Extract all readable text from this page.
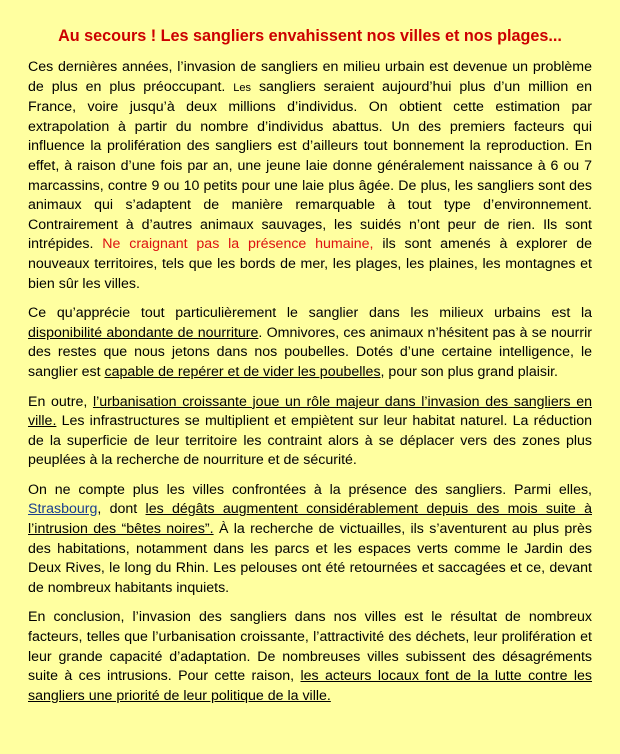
Au secours ! Les sangliers envahissent nos villes et nos plages...

Ces dernières années, l’invasion de sangliers en milieu urbain est devenue un problème de plus en plus préoccupant. Les sangliers seraient aujourd’hui plus d’un million en France, voire jusqu’à deux millions d’individus. On obtient cette estimation par extrapolation à partir du nombre d’individus abattus. Un des premiers facteurs qui influence la prolifération des sangliers est d’ailleurs tout bonnement la reproduction. En effet, à raison d’une fois par an, une jeune laie donne généralement naissance à 6 ou 7 marcassins, contre 9 ou 10 petits pour une laie plus âgée. De plus, les sangliers sont des animaux qui s’adaptent de manière remarquable à tout type d’environnement. Contrairement à d’autres animaux sauvages, les suidés n’ont peur de rien. Ils sont intrépides. Ne craignant pas la présence humaine, ils sont amenés à explorer de nouveaux territoires, tels que les bords de mer, les plages, les plaines, les montagnes et bien sûr les villes.

Ce qu’apprécie tout particulièrement le sanglier dans les milieux urbains est la disponibilité abondante de nourriture. Omnivores, ces animaux n’hésitent pas à se nourrir des restes que nous jetons dans nos poubelles. Dotés d’une certaine intelligence, le sanglier est capable de repérer et de vider les poubelles, pour son plus grand plaisir.

En outre, l’urbanisation croissante joue un rôle majeur dans l’invasion des sangliers en ville. Les infrastructures se multiplient et empiètent sur leur habitat naturel. La réduction de la superficie de leur territoire les contraint alors à se déplacer vers des zones plus peuplées à la recherche de nourriture et de sécurité.

On ne compte plus les villes confrontées à la présence des sangliers. Parmi elles, Strasbourg, dont les dégâts augmentent considérablement depuis des mois suite à l’intrusion des “bêtes noires”. À la recherche de victuailles, ils s’aventurent au plus près des habitations, notamment dans les parcs et les espaces verts comme le Jardin des Deux Rives, le long du Rhin. Les pelouses ont été retournées et saccagées et ce, devant de nombreux habitants inquiets.

En conclusion, l’invasion des sangliers dans nos villes est le résultat de nombreux facteurs, telles que l’urbanisation croissante, l’attractivité des déchets, leur prolifération et leur grande capacité d’adaptation. De nombreuses villes subissent des désagréments suite à ces intrusions. Pour cette raison, les acteurs locaux font de la lutte contre les sangliers une priorité de leur politique de la ville.
